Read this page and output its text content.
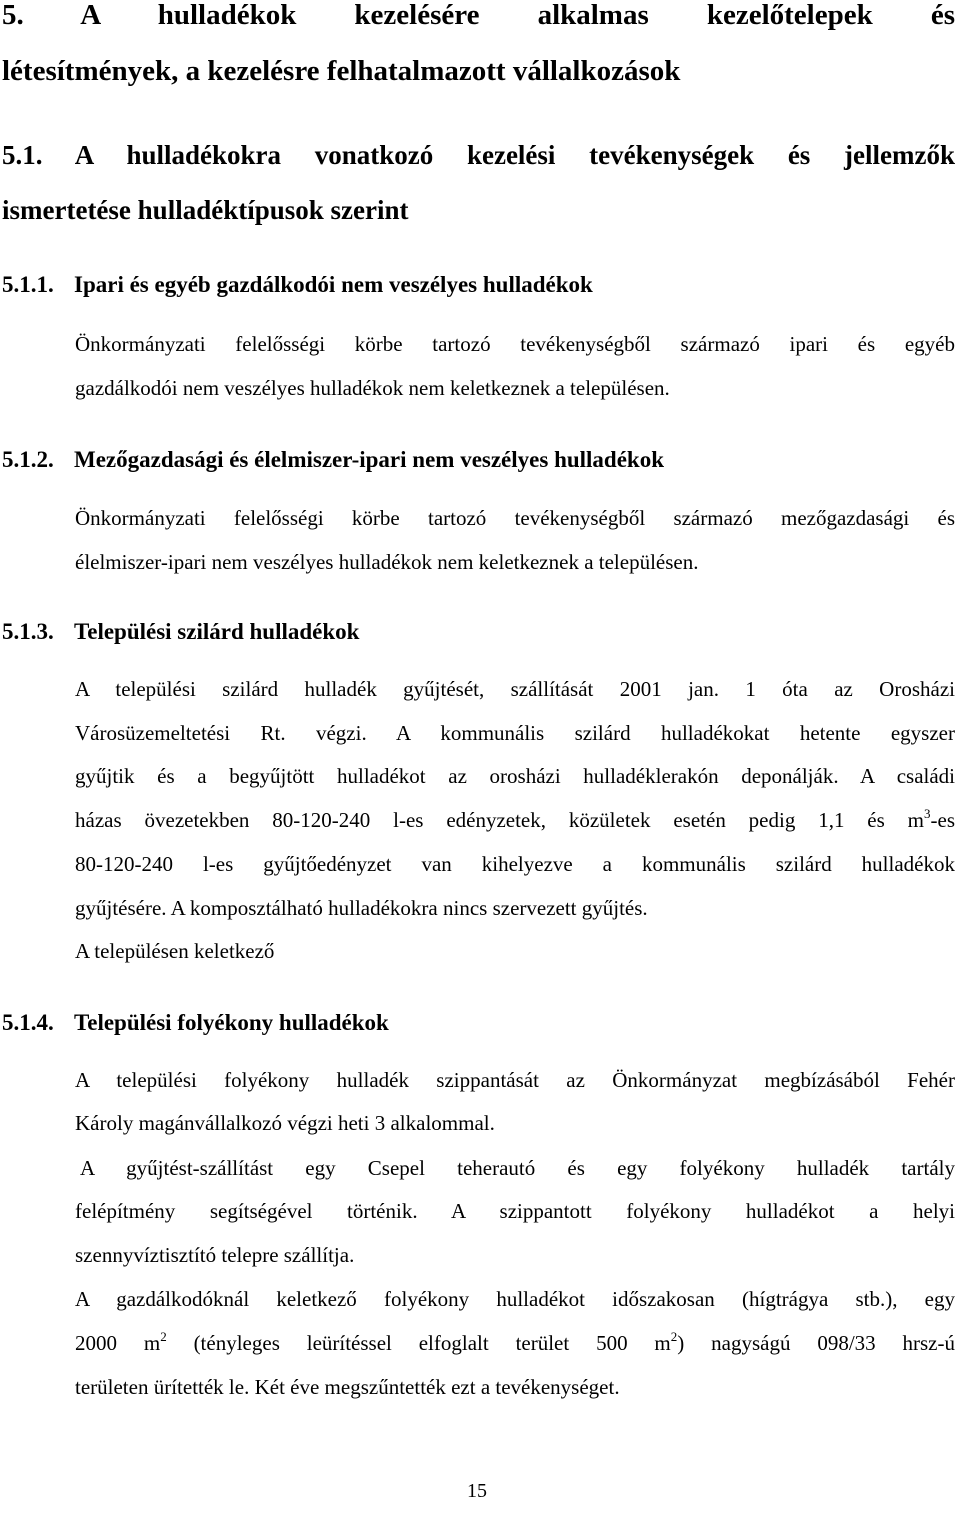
5. A hulladékok kezelésére alkalmas kezelőtelepek és
létesítmények, a kezelésre felhatalmazott vállalkozások
5.1. A hulladékokra vonatkozó kezelési tevékenységek és jellemzők
ismertetése hulladéktípusok szerint
5.1.1. Ipari és egyéb gazdálkodói nem veszélyes hulladékok
Önkormányzati felelősségi körbe tartozó tevékenységből származó ipari és egyéb
gazdálkodói nem veszélyes hulladékok nem keletkeznek a településen.
5.1.2. Mezőgazdasági és élelmiszer-ipari nem veszélyes hulladékok
Önkormányzati felelősségi körbe tartozó tevékenységből származó mezőgazdasági és
élelmiszer-ipari nem veszélyes hulladékok nem keletkeznek a településen.
5.1.3. Települési szilárd hulladékok
A települési szilárd hulladék gyűjtését, szállítását 2001 jan. 1 óta az Orosházi
Városüzemeltetési Rt. végzi. A kommunális szilárd hulladékokat hetente egyszer
gyűjtik és a begyűjtött hulladékot az orosházi hulladéklerakón deponálják. A családi
házas övezetekben 80-120-240 l-es edényzetek, közületek esetén pedig 1,1 és $m^3-es$
80-120-240 l-es gyűjtőedényzet van kihelyezve a kommunális szilárd hulladékok
gyűjtésére. A komposztálható hulladékokra nincs szervezett gyűjtés.
A településen keletkező
5.1.4. Települési folyékony hulladékok
A települési folyékony hulladék szippantását az Önkormányzat megbízásából Fehér
Károly magánvállalkozó végzi heti 3 alkalommal.
A gyűjtést-szállítást egy Csepel teherautó és egy folyékony hulladék tartály
felépítmény segítségével történik. A szippantott folyékony hulladékot a helyi
szennyvíztisztító telepre szállítja.
A gazdálkodóknál keletkező folyékony hulladékot időszakosan (hígtrágya stb.), egy
2000 $m^2$ (tényleges leürítéssel elfoglalt terület 500 $m^2$) nagyságú 098/33 hrsz-ú
területen ürítették le. Két éve megszűntették ezt a tevékenységet.
15
